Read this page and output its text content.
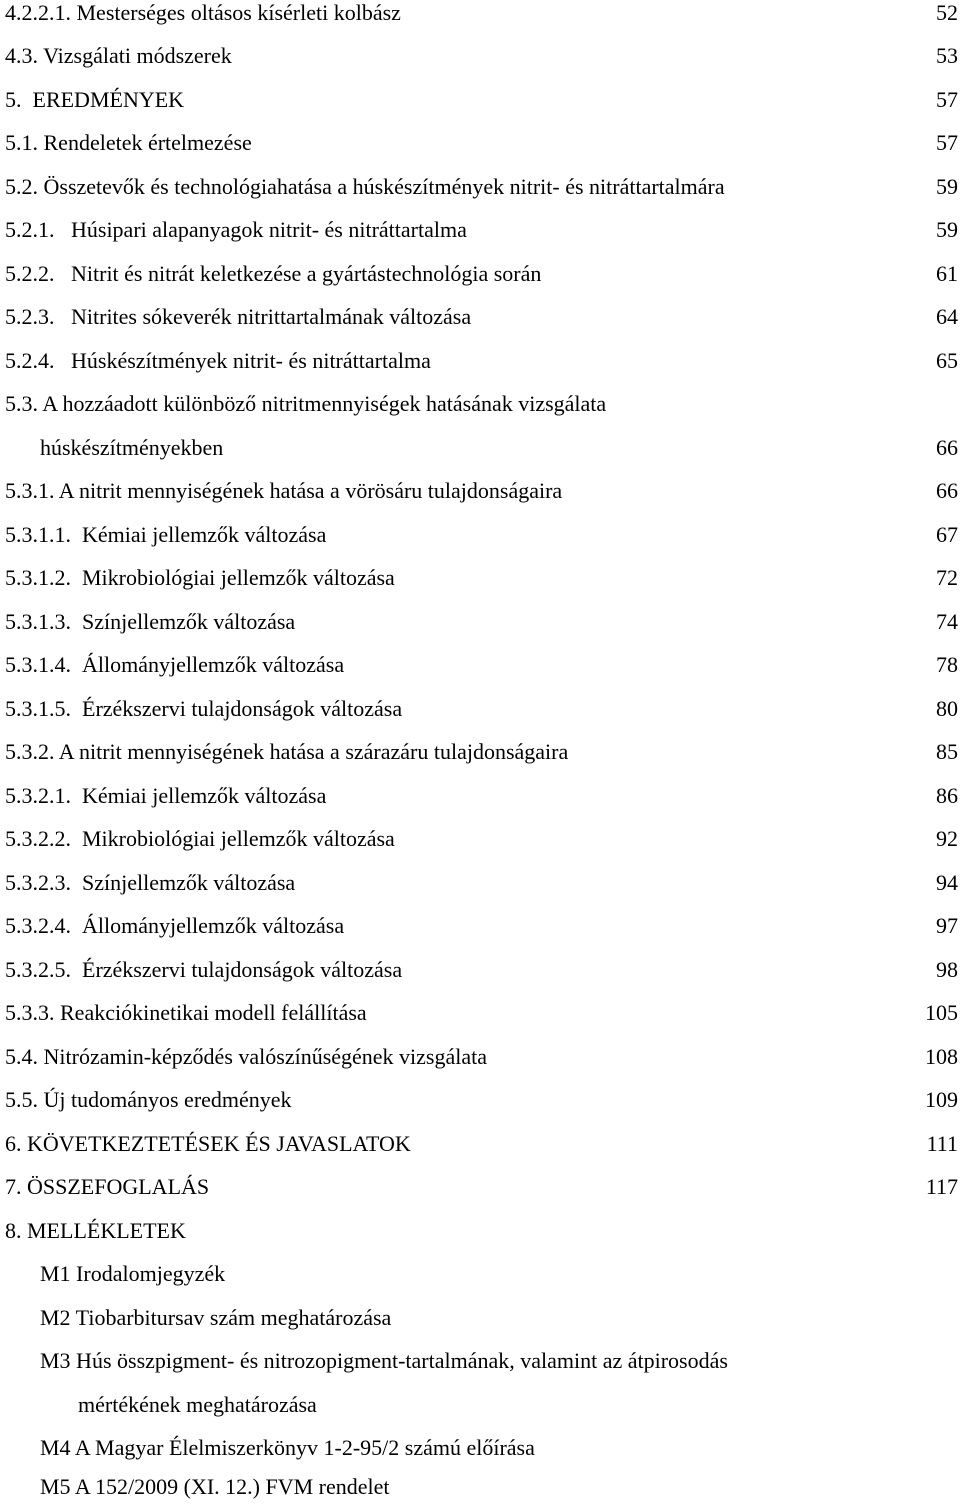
4.2.2.1. Mesterséges oltásos kísérleti kolbász	52
4.3. Vizsgálati módszerek	53
5. EREDMÉNYEK	57
5.1. Rendeletek értelmezése	57
5.2. Összetevők és technológiahatása a húskészítmények nitrit- és nitráttartalmára	59
5.2.1. Húsipari alapanyagok nitrit- és nitráttartalma	59
5.2.2. Nitrit és nitrát keletkezése a gyártástechnológia során	61
5.2.3. Nitrites sókeverék nitrittartalmának változása	64
5.2.4. Húskészítmények nitrit- és nitráttartalma	65
5.3. A hozzáadott különböző nitritmennyiségek hatásának vizsgálata
húskészítményekben	66
5.3.1. A nitrit mennyiségének hatása a vörösáru tulajdonságaira	66
5.3.1.1. Kémiai jellemzők változása	67
5.3.1.2. Mikrobiológiai jellemzők változása	72
5.3.1.3. Színjellemzők változása	74
5.3.1.4. Állományjellemzők változása	78
5.3.1.5. Érzékszervi tulajdonságok változása	80
5.3.2. A nitrit mennyiségének hatása a szárazáru tulajdonságaira	85
5.3.2.1. Kémiai jellemzők változása	86
5.3.2.2. Mikrobiológiai jellemzők változása	92
5.3.2.3. Színjellemzők változása	94
5.3.2.4. Állományjellemzők változása	97
5.3.2.5. Érzékszervi tulajdonságok változása	98
5.3.3. Reakciókinetikai modell felállítása	105
5.4. Nitrózamin-képződés valószínűségének vizsgálata	108
5.5. Új tudományos eredmények	109
6. KÖVETKEZTETÉSEK ÉS JAVASLATOK	111
7. ÖSSZEFOGLALÁS	117
8. MELLÉKLETEK
M1 Irodalomjegyzék
M2 Tiobarbitursav szám meghatározása
M3 Hús összpigment- és nitrozopigment-tartalmának, valamint az átpirosodás
mértékének meghatározása
M4 A Magyar Élelmiszerkönyv 1-2-95/2 számú előírása
M5 A 152/2009 (XI. 12.) FVM rendelet
